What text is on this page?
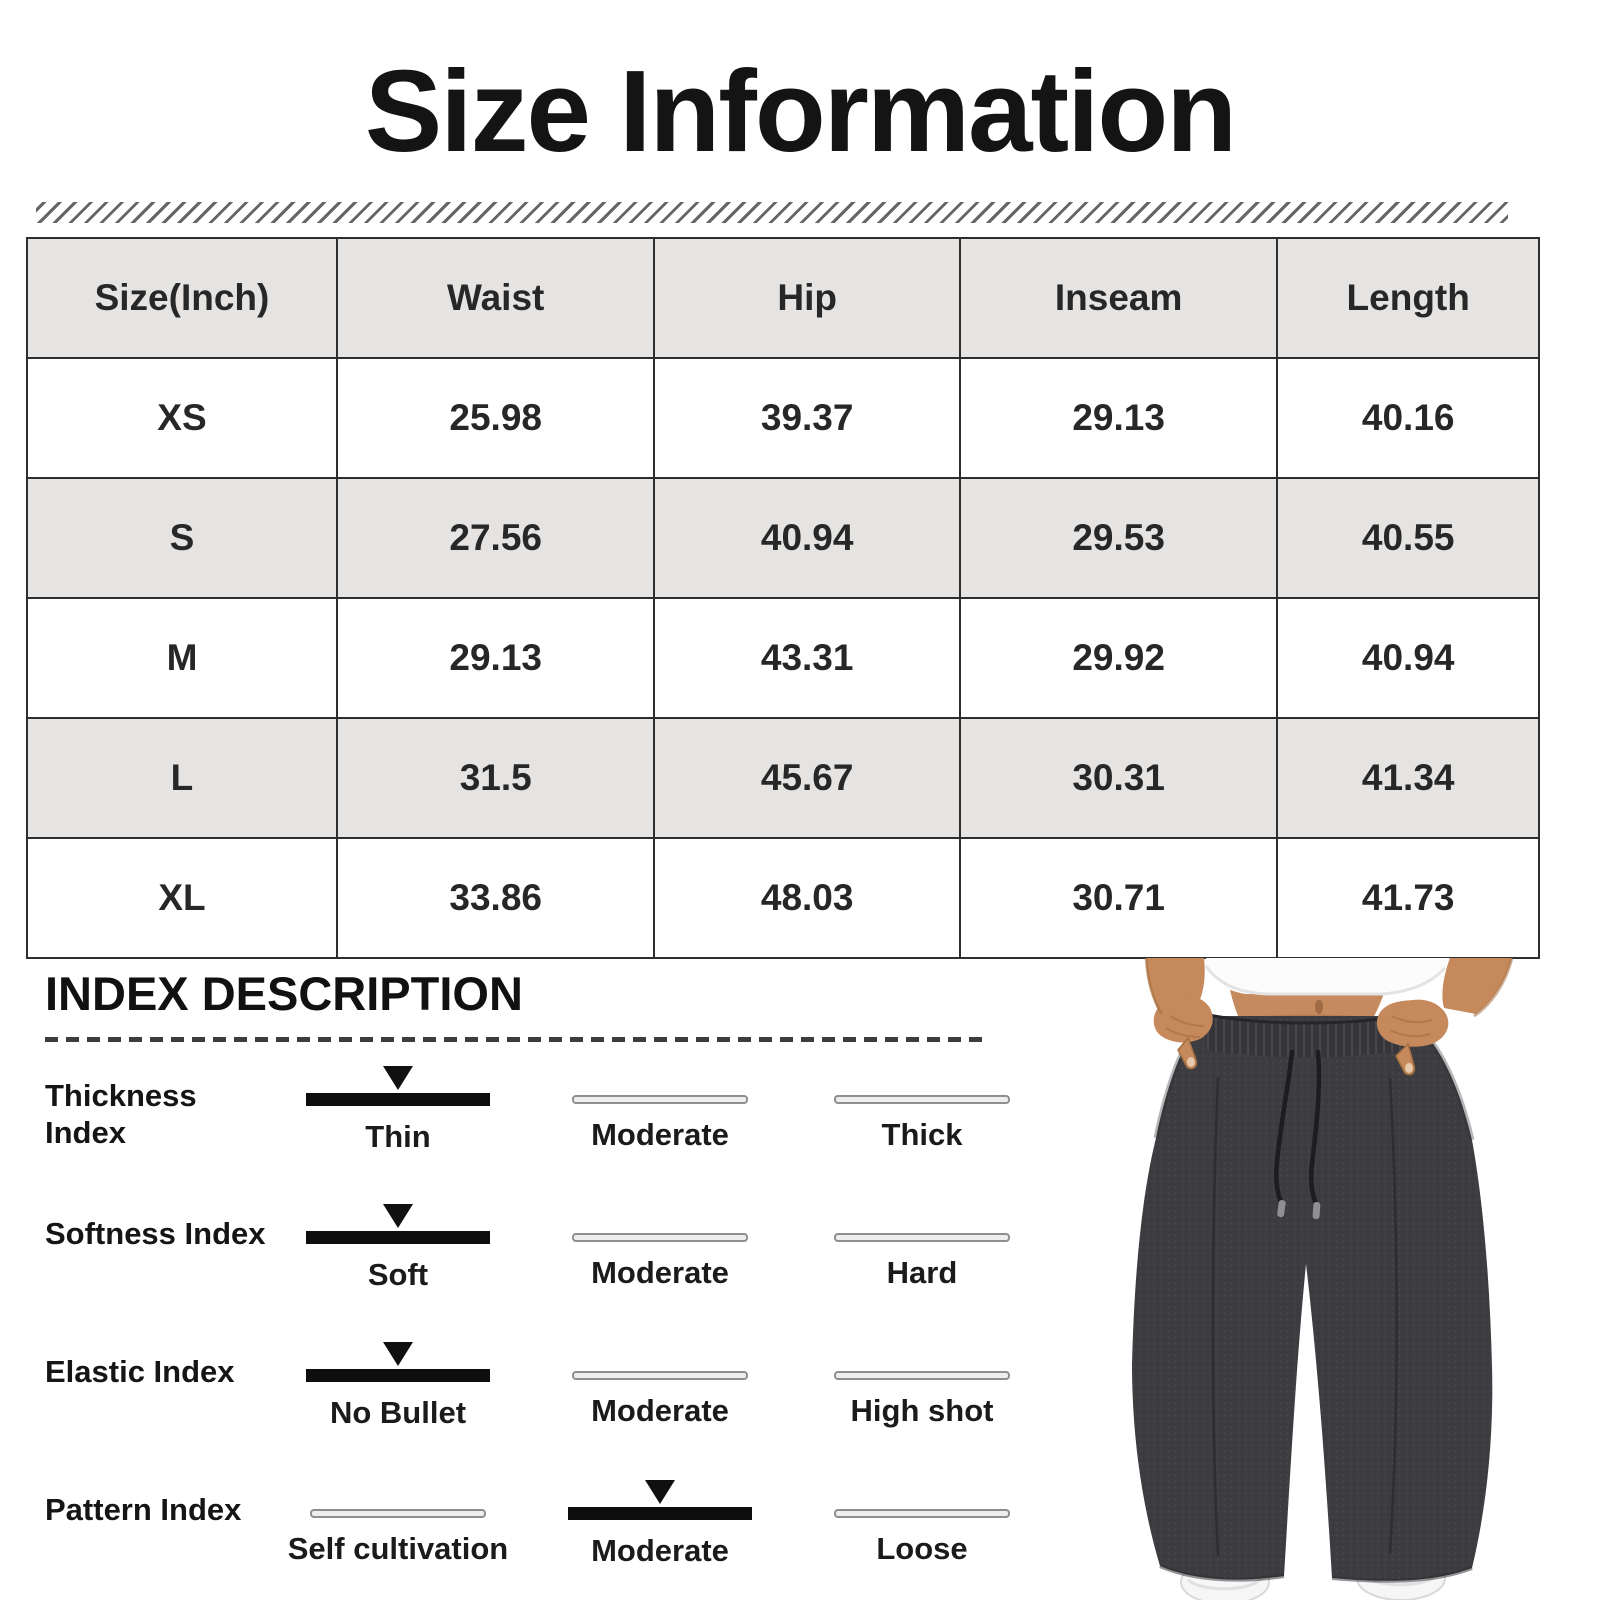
Size Information
Size(Inch)	Waist	Hip	Inseam	Length
XS	25.98	39.37	29.13	40.16
S	27.56	40.94	29.53	40.55
M	29.13	43.31	29.92	40.94
L	31.5	45.67	30.31	41.34
XL	33.86	48.03	30.71	41.73
INDEX DESCRIPTION
Thickness Index	Thin	Moderate	Thick
Softness Index
Soft	Moderate	Hard
Elastic Index
No Bullet	Moderate	High shot
Pattern Index
Self cultivation	Moderate	Loose
